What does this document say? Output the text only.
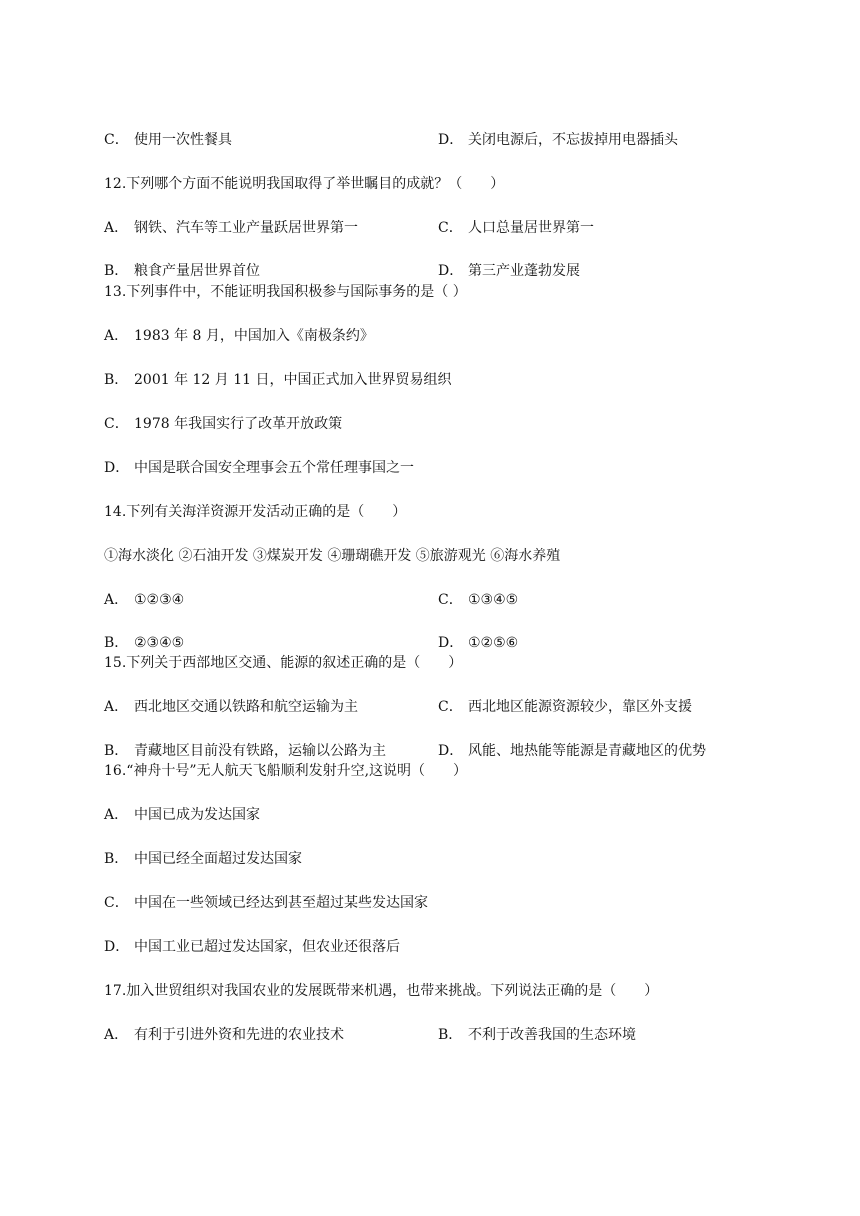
C． 使用一次性餐具	D． 关闭电源后，不忘拔掉用电器插头
12.下列哪个方面不能说明我国取得了举世瞩目的成就？（　　）
A． 钢铁、汽车等工业产量跃居世界第一	C． 人口总量居世界第一
B． 粮食产量居世界首位	D． 第三产业蓬勃发展
13.下列事件中，不能证明我国积极参与国际事务的是（ ）
A． 1983 年 8 月，中国加入《南极条约》
B． 2001 年 12 月 11 日，中国正式加入世界贸易组织
C． 1978 年我国实行了改革开放政策
D． 中国是联合国安全理事会五个常任理事国之一
14.下列有关海洋资源开发活动正确的是（　　）
①海水淡化 ②石油开发 ③煤炭开发 ④珊瑚礁开发 ⑤旅游观光 ⑥海水养殖
A． ①②③④	C． ①③④⑤
B． ②③④⑤	D． ①②⑤⑥
15.下列关于西部地区交通、能源的叙述正确的是（　　）
A． 西北地区交通以铁路和航空运输为主	C． 西北地区能源资源较少，靠区外支援
B． 青藏地区目前没有铁路，运输以公路为主	D． 风能、地热能等能源是青藏地区的优势
16.“神舟十号”无人航天飞船顺利发射升空,这说明（　　）
A． 中国已成为发达国家
B． 中国已经全面超过发达国家
C． 中国在一些领域已经达到甚至超过某些发达国家
D． 中国工业已超过发达国家，但农业还很落后
17.加入世贸组织对我国农业的发展既带来机遇，也带来挑战。下列说法正确的是（　　）
A． 有利于引进外资和先进的农业技术	B． 不利于改善我国的生态环境
